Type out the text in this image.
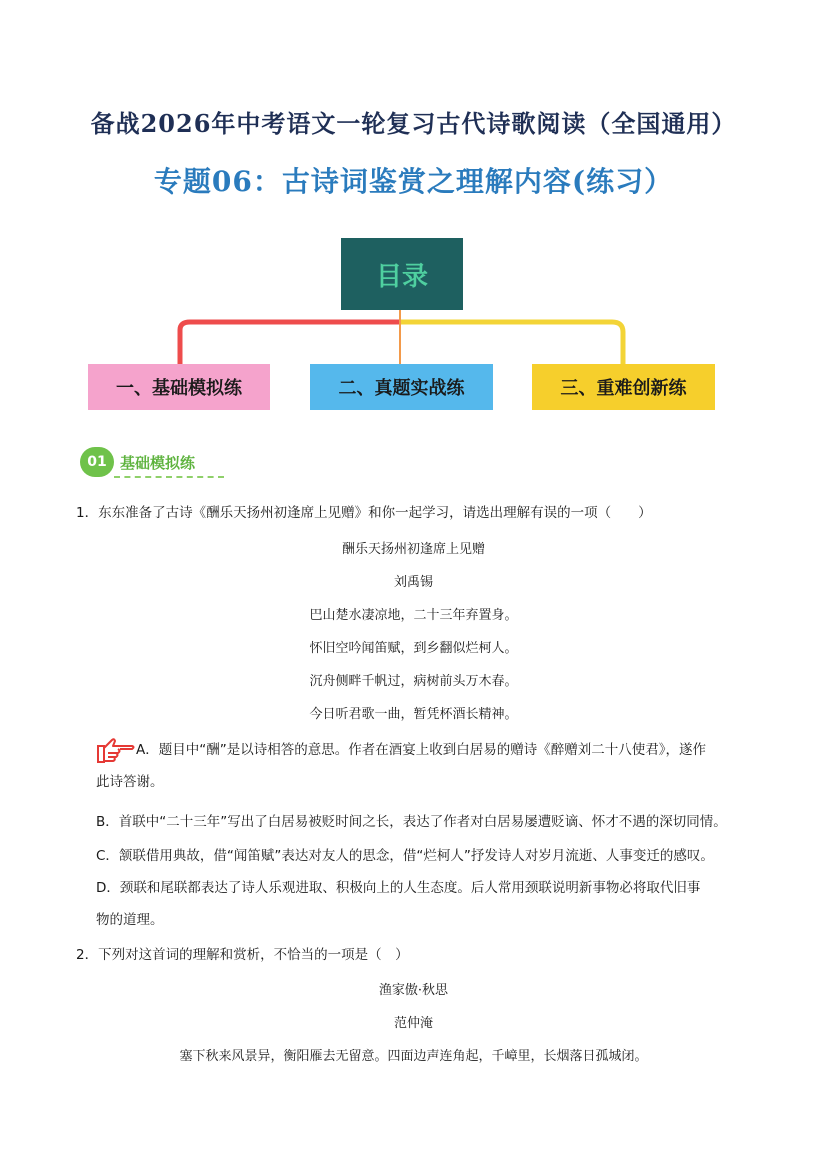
备战2026年中考语文一轮复习古代诗歌阅读（全国通用）
专题06：古诗词鉴赏之理解内容(练习）
目录
一、基础模拟练	二、真题实战练	三、重难创新练
01 基础模拟练
1．东东准备了古诗《酬乐天扬州初逢席上见赠》和你一起学习，请选出理解有误的一项（　　）
酬乐天扬州初逢席上见赠
刘禹锡
巴山楚水凄凉地，二十三年弃置身。
怀旧空吟闻笛赋，到乡翻似烂柯人。
沉舟侧畔千帆过，病树前头万木春。
今日听君歌一曲，暂凭杯酒长精神。
A．题目中“酬”是以诗相答的意思。作者在酒宴上收到白居易的赠诗《醉赠刘二十八使君》，遂作
此诗答谢。
B．首联中“二十三年”写出了白居易被贬时间之长，表达了作者对白居易屡遭贬谪、怀才不遇的深切同情。
C．颔联借用典故，借“闻笛赋”表达对友人的思念，借“烂柯人”抒发诗人对岁月流逝、人事变迁的感叹。
D．颈联和尾联都表达了诗人乐观进取、积极向上的人生态度。后人常用颈联说明新事物必将取代旧事
物的道理。
2．下列对这首词的理解和赏析，不恰当的一项是（　）
渔家傲·秋思
范仲淹
塞下秋来风景异，衡阳雁去无留意。四面边声连角起，千嶂里，长烟落日孤城闭。
